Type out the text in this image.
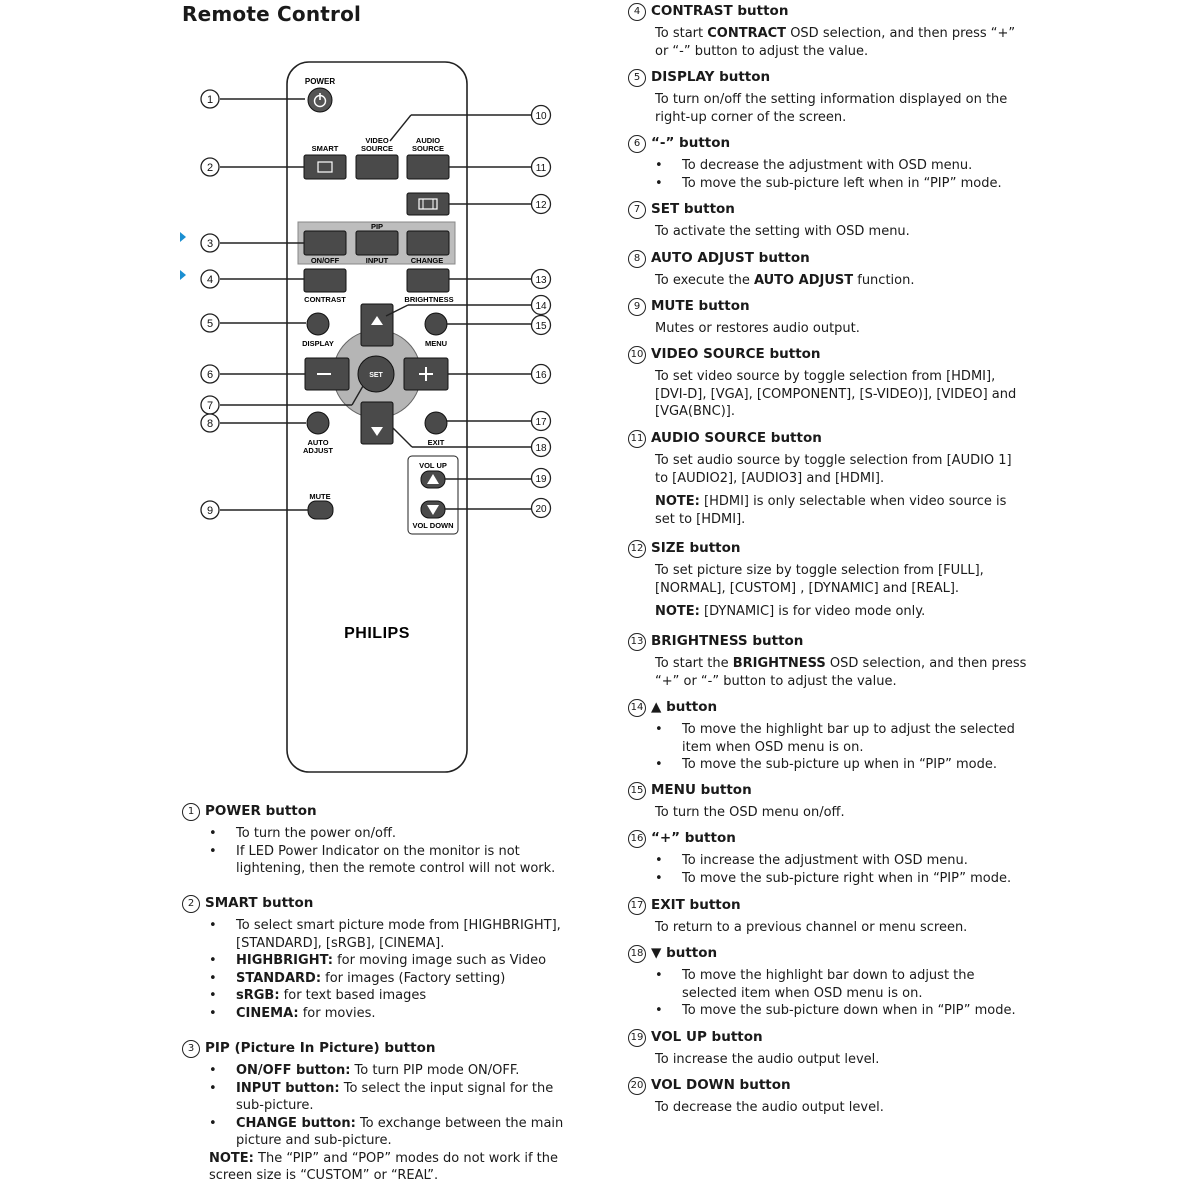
Remote Control
POWER
SMART
VIDEO
SOURCE
AUDIO
SOURCE
PIP
ON/OFF	INPUT	CHANGE
CONTRAST	BRIGHTNESS
SET
DISPLAY	MENU
AUTO
ADJUST
EXIT
VOL UP
VOL DOWN
MUTE
PHILIPS
1
2
3
4
5
6
7
8
9
10
11
12
13
14
15
16
17
18
19
20
1 POWER button
• To turn the power on/off.
• If LED Power Indicator on the monitor is not lightening, then the remote control will not work.
2 SMART button
• To select smart picture mode from [HIGHBRIGHT], [STANDARD], [sRGB], [CINEMA].
• HIGHBRIGHT: for moving image such as Video
• STANDARD: for images (Factory setting)
• sRGB: for text based images
• CINEMA: for movies.
3 PIP (Picture In Picture) button
• ON/OFF button: To turn PIP mode ON/OFF.
• INPUT button: To select the input signal for the sub-picture.
• CHANGE button: To exchange between the main picture and sub-picture.
NOTE: The “PIP” and “POP” modes do not work if the screen size is “CUSTOM” or “REAL”.
4 CONTRAST button
To start CONTRACT OSD selection, and then press “+” or “-” button to adjust the value.
5 DISPLAY button
To turn on/off the setting information displayed on the right-up corner of the screen.
6 “-” button
• To decrease the adjustment with OSD menu.
• To move the sub-picture left when in “PIP” mode.
7 SET button
To activate the setting with OSD menu.
8 AUTO ADJUST button
To execute the AUTO ADJUST function.
9 MUTE button
Mutes or restores audio output.
10 VIDEO SOURCE button
To set video source by toggle selection from [HDMI], [DVI-D], [VGA], [COMPONENT], [S-VIDEO)], [VIDEO] and [VGA(BNC)].
11 AUDIO SOURCE button
To set audio source by toggle selection from [AUDIO 1] to [AUDIO2], [AUDIO3] and [HDMI].
NOTE: [HDMI] is only selectable when video source is set to [HDMI].
12 SIZE button
To set picture size by toggle selection from [FULL], [NORMAL], [CUSTOM] , [DYNAMIC] and [REAL].
NOTE: [DYNAMIC] is for video mode only.
13 BRIGHTNESS button
To start the BRIGHTNESS OSD selection, and then press “+” or “-” button to adjust the value.
14 ▲ button
• To move the highlight bar up to adjust the selected item when OSD menu is on.
• To move the sub-picture up when in “PIP” mode.
15 MENU button
To turn the OSD menu on/off.
16 “+” button
• To increase the adjustment with OSD menu.
• To move the sub-picture right when in “PIP” mode.
17 EXIT button
To return to a previous channel or menu screen.
18 ▼ button
• To move the highlight bar down to adjust the selected item when OSD menu is on.
• To move the sub-picture down when in “PIP” mode.
19 VOL UP button
To increase the audio output level.
20 VOL DOWN button
To decrease the audio output level.
